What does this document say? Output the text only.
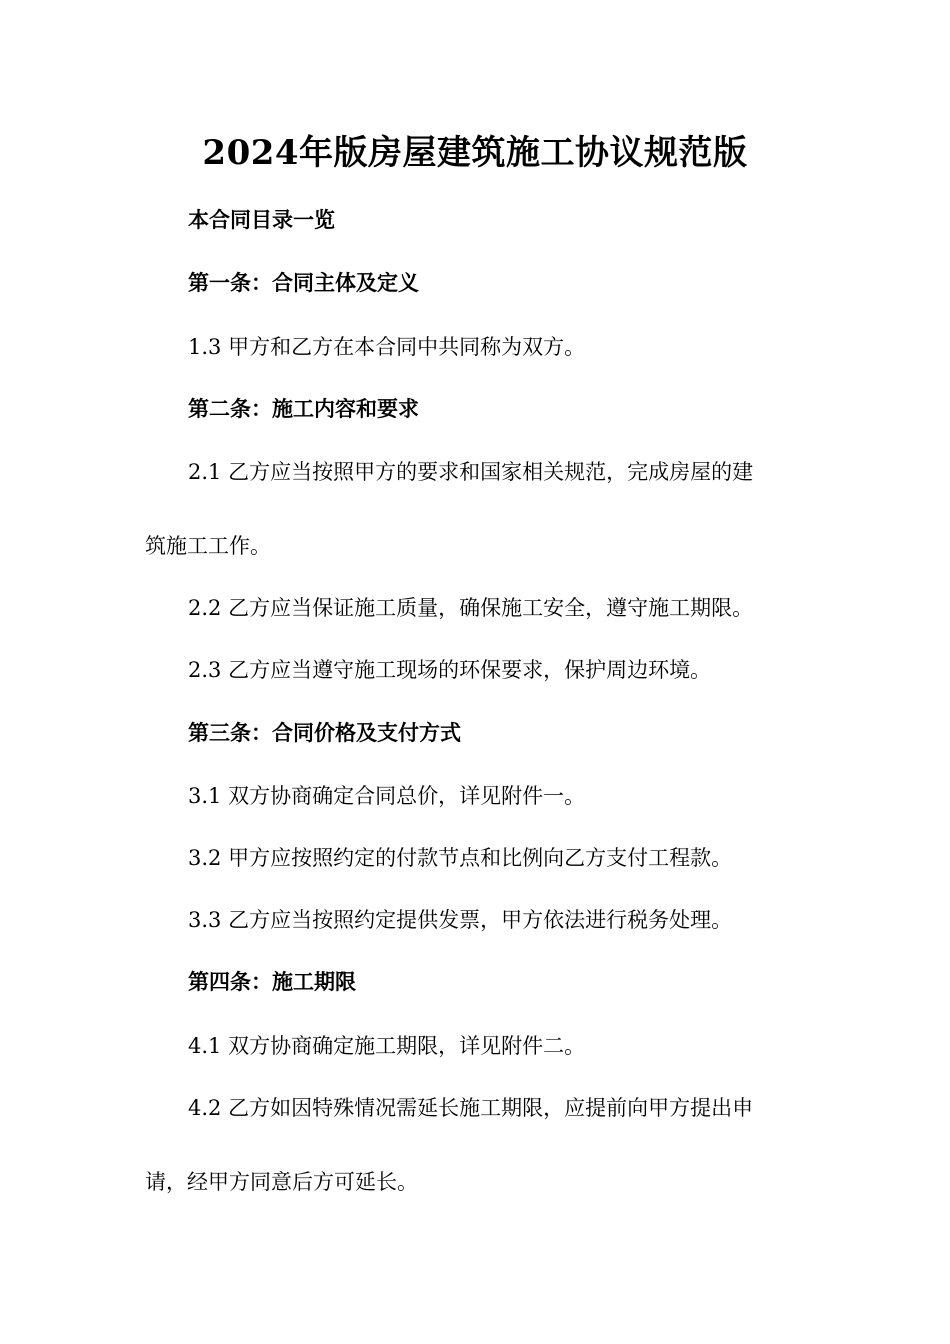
2024年版房屋建筑施工协议规范版
本合同目录一览
第一条：合同主体及定义
1.3 甲方和乙方在本合同中共同称为双方。
第二条：施工内容和要求
2.1 乙方应当按照甲方的要求和国家相关规范，完成房屋的建
筑施工工作。
2.2 乙方应当保证施工质量，确保施工安全，遵守施工期限。
2.3 乙方应当遵守施工现场的环保要求，保护周边环境。
第三条：合同价格及支付方式
3.1 双方协商确定合同总价，详见附件一。
3.2 甲方应按照约定的付款节点和比例向乙方支付工程款。
3.3 乙方应当按照约定提供发票，甲方依法进行税务处理。
第四条：施工期限
4.1 双方协商确定施工期限，详见附件二。
4.2 乙方如因特殊情况需延长施工期限，应提前向甲方提出申
请，经甲方同意后方可延长。
